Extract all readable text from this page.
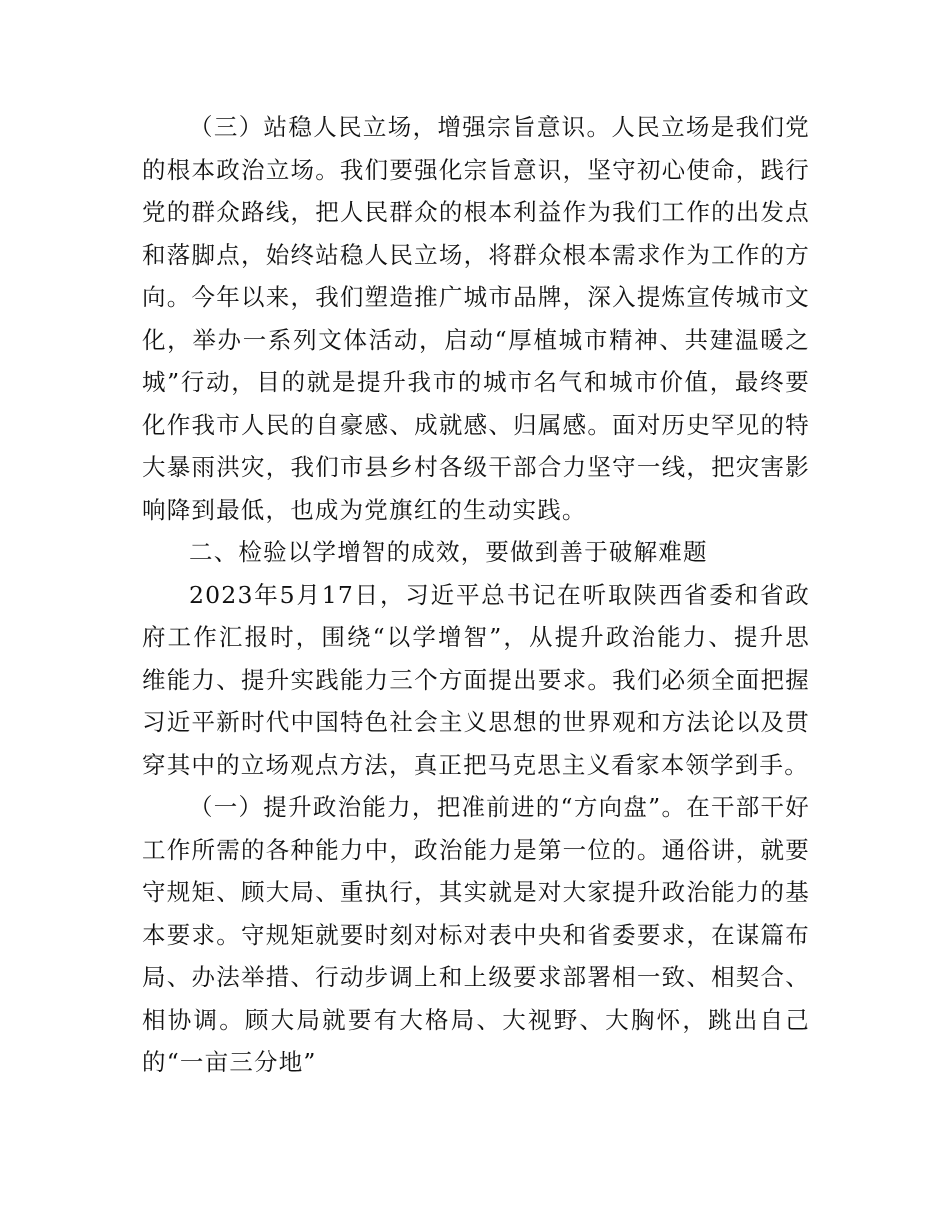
（三）站稳人民立场，增强宗旨意识。人民立场是我们党的根本政治立场。我们要强化宗旨意识，坚守初心使命，践行党的群众路线，把人民群众的根本利益作为我们工作的出发点和落脚点，始终站稳人民立场，将群众根本需求作为工作的方向。今年以来，我们塑造推广城市品牌，深入提炼宣传城市文化，举办一系列文体活动，启动“厚植城市精神、共建温暖之城”行动，目的就是提升我市的城市名气和城市价值，最终要化作我市人民的自豪感、成就感、归属感。面对历史罕见的特大暴雨洪灾，我们市县乡村各级干部合力坚守一线，把灾害影响降到最低，也成为党旗红的生动实践。

二、检验以学增智的成效，要做到善于破解难题

2023年5月17日，习近平总书记在听取陕西省委和省政府工作汇报时，围绕“以学增智”，从提升政治能力、提升思维能力、提升实践能力三个方面提出要求。我们必须全面把握习近平新时代中国特色社会主义思想的世界观和方法论以及贯穿其中的立场观点方法，真正把马克思主义看家本领学到手。

（一）提升政治能力，把准前进的“方向盘”。在干部干好工作所需的各种能力中，政治能力是第一位的。通俗讲，就要守规矩、顾大局、重执行，其实就是对大家提升政治能力的基本要求。守规矩就要时刻对标对表中央和省委要求，在谋篇布局、办法举措、行动步调上和上级要求部署相一致、相契合、相协调。顾大局就要有大格局、大视野、大胸怀，跳出自己的“一亩三分地”
